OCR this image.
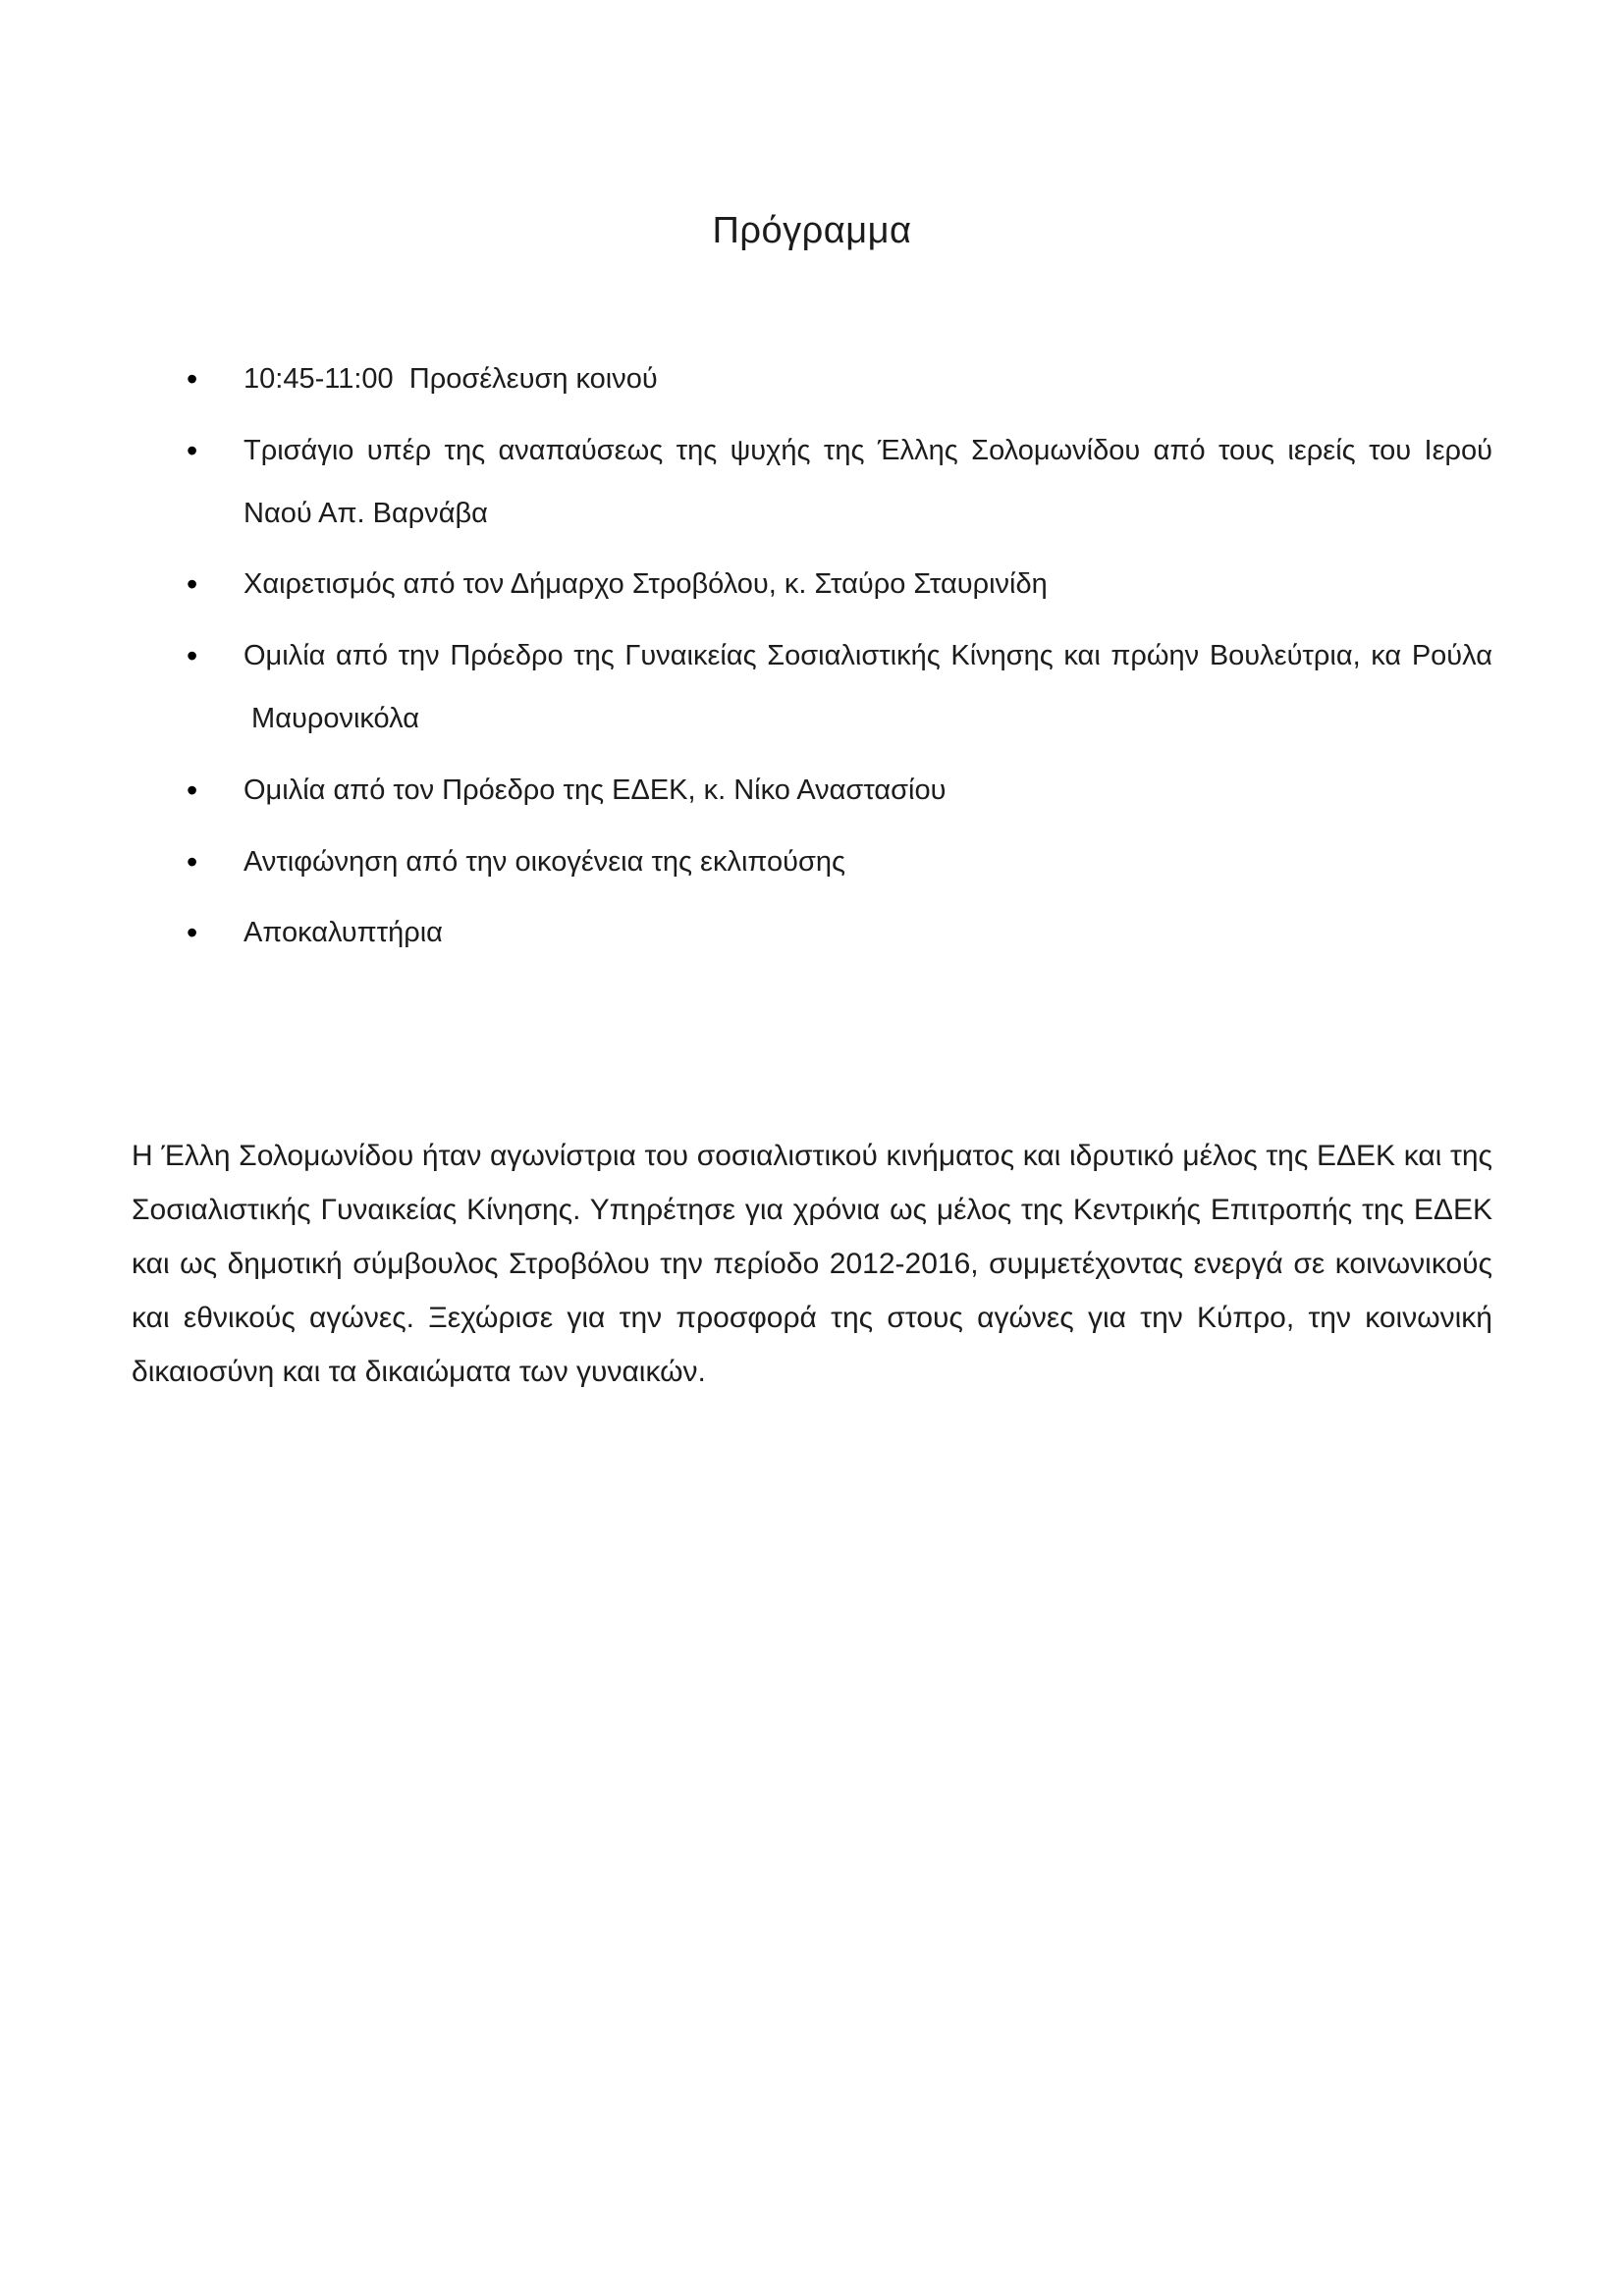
Πρόγραμμα
• 10:45-11:00  Προσέλευση κοινού
• Τρισάγιο υπέρ της αναπαύσεως της ψυχής της Έλλης Σολομωνίδου από τους ιερείς του Ιερού Ναού Απ. Βαρνάβα
• Χαιρετισμός από τον Δήμαρχο Στροβόλου, κ. Σταύρο Σταυρινίδη
• Ομιλία από την Πρόεδρο της Γυναικείας Σοσιαλιστικής Κίνησης και πρώην Βουλεύτρια, κα Ρούλα  Μαυρονικόλα
• Ομιλία από τον Πρόεδρο της ΕΔΕΚ, κ. Νίκο Αναστασίου
• Αντιφώνηση από την οικογένεια της εκλιπούσης
• Αποκαλυπτήρια

Η Έλλη Σολομωνίδου ήταν αγωνίστρια του σοσιαλιστικού κινήματος και ιδρυτικό μέλος της ΕΔΕΚ και της Σοσιαλιστικής Γυναικείας Κίνησης. Υπηρέτησε για χρόνια ως μέλος της Κεντρικής Επιτροπής της ΕΔΕΚ και ως δημοτική σύμβουλος Στροβόλου την περίοδο 2012-2016, συμμετέχοντας ενεργά σε κοινωνικούς και εθνικούς αγώνες. Ξεχώρισε για την προσφορά της στους αγώνες για την Κύπρο, την κοινωνική δικαιοσύνη και τα δικαιώματα των γυναικών.
